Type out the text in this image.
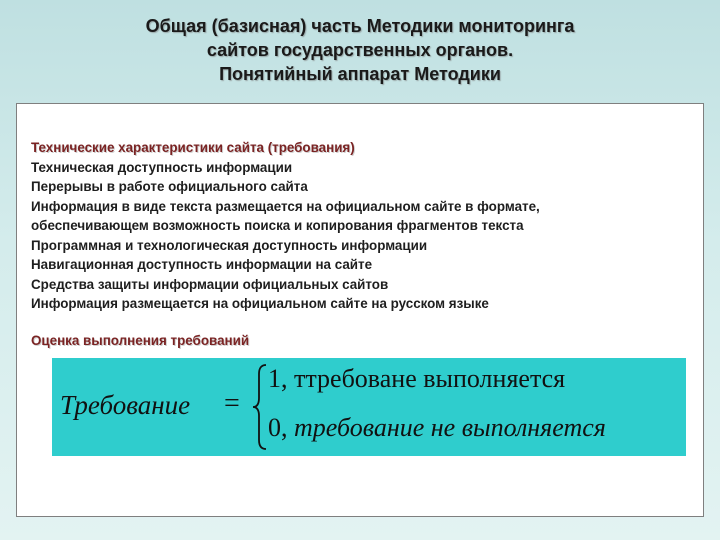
Общая (базисная) часть Методики мониторинга
сайтов государственных органов.
Понятийный аппарат Методики
Технические характеристики сайта (требования)
Техническая доступность информации
Перерывы в работе официального сайта
Информация в виде текста размещается на официальном сайте в формате,
обеспечивающем возможность поиска и копирования фрагментов текста
Программная и технологическая доступность информации
Навигационная доступность информации на сайте
Средства защиты информации официальных сайтов
Информация размещается на официальном сайте на русском языке
Оценка выполнения требований
Требование =
1, ттребоване выполняется
0, требование не выполняется
